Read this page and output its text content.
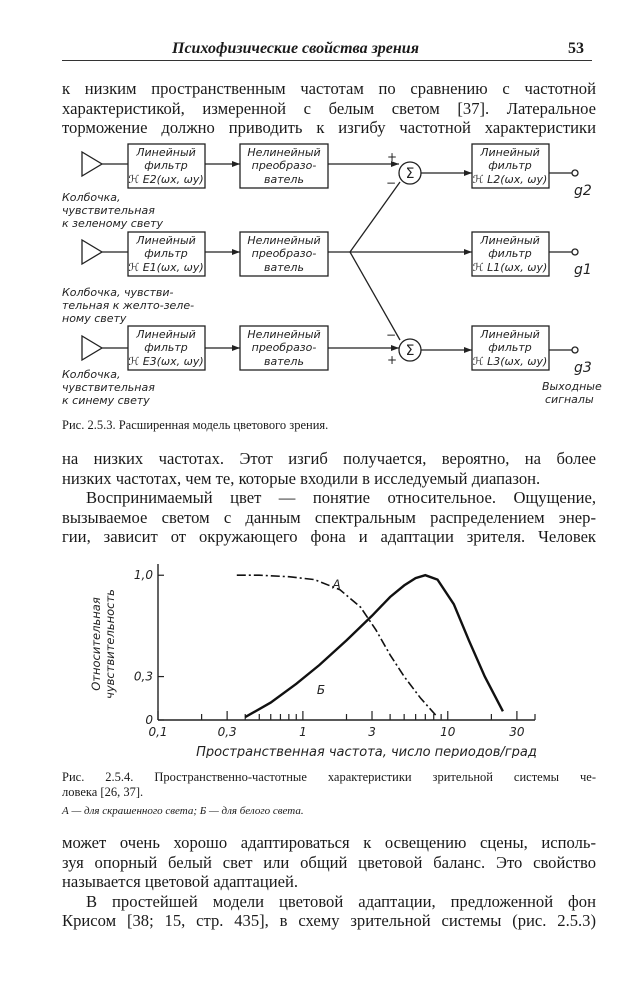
Психофизические свойства зрения	53
к низким пространственным частотам по сравнению с частотной
характеристикой, измеренной с белым светом [37]. Латеральное
торможение должно приводить к изгибу частотной характеристики
Линейный
фильтр
ℋ E2(ωx, ωy)
Нелинейный
преобразо-
ватель
Линейный
фильтр
ℋ L2(ωx, ωy)
Линейный
фильтр
ℋ E1(ωx, ωy)
Нелинейный
преобразо-
ватель
Линейный
фильтр
ℋ L1(ωx, ωy)
Линейный
фильтр
ℋ E3(ωx, ωy)
Нелинейный
преобразо-
ватель
Линейный
фильтр
ℋ L3(ωx, ωy)
Колбочка,
чувствительная
к зеленому свету
Колбочка, чувстви-
тельная к желто-зеле-
ному свету
Колбочка,
чувствительная
к синему свету
g2
g1
g3
Выходные
сигналы
Σ
Σ
+
−
−
+
Рис. 2.5.3. Расширенная модель цветового зрения.
на низких частотах. Этот изгиб получается, вероятно, на более
низких частотах, чем те, которые входили в исследуемый диапазон.
Воспринимаемый цвет — понятие относительное. Ощущение,
вызываемое светом с данным спектральным распределением энер-
гии, зависит от окружающего фона и адаптации зрителя. Человек
0,1	0,3	1	3	10	30
0
0,3
1,0
Относительная чувствительность
Пространственная частота, число периодов/град
А
Б
Рис. 2.5.4. Пространственно-частотные характеристики зрительной системы че-
ловека [26, 37].
А — для скрашенного света; Б — для белого света.
может очень хорошо адаптироваться к освещению сцены, исполь-
зуя опорный белый свет или общий цветовой баланс. Это свойство
называется цветовой адаптацией.
В простейшей модели цветовой адаптации, предложенной фон
Крисом [38; 15, стр. 435], в схему зрительной системы (рис. 2.5.3)
